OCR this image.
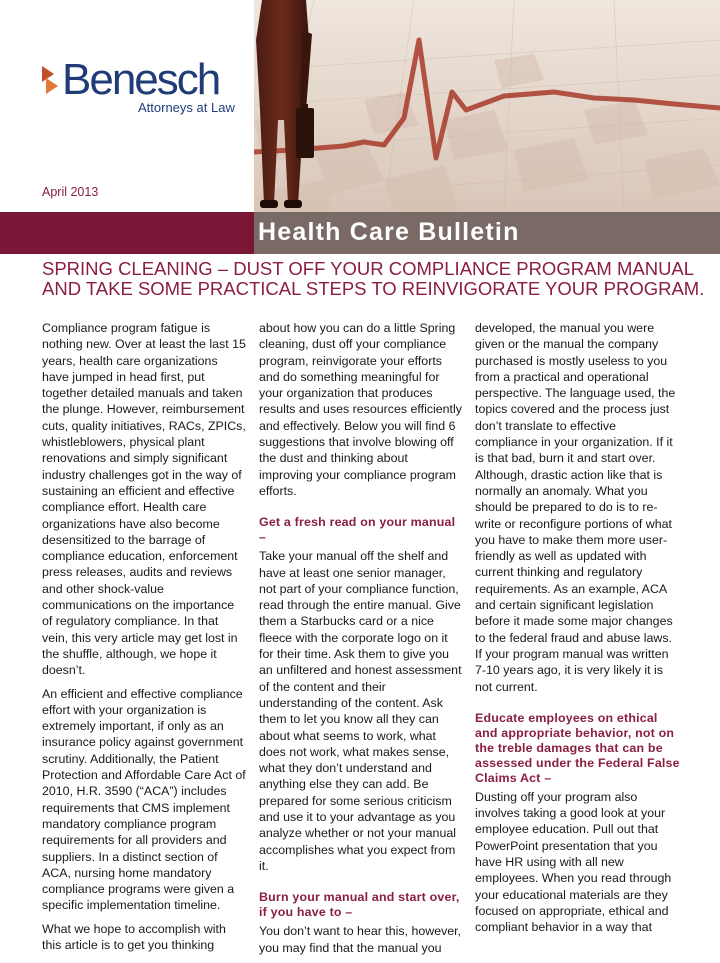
Benesch
Attorneys at Law
April 2013
Health Care Bulletin
SPRING CLEANING – DUST OFF YOUR COMPLIANCE PROGRAM MANUAL AND TAKE SOME PRACTICAL STEPS TO REINVIGORATE YOUR PROGRAM.

Compliance program fatigue is nothing new. Over at least the last 15 years, health care organizations have jumped in head first, put together detailed manuals and taken the plunge. However, reimbursement cuts, quality initiatives, RACs, ZPICs, whistleblowers, physical plant renovations and simply significant industry challenges got in the way of sustaining an efficient and effective compliance effort. Health care organizations have also become desensitized to the barrage of compliance education, enforcement press releases, audits and reviews and other shock-value communications on the importance of regulatory compliance. In that vein, this very article may get lost in the shuffle, although, we hope it doesn’t.

An efficient and effective compliance effort with your organization is extremely important, if only as an insurance policy against government scrutiny. Additionally, the Patient Protection and Affordable Care Act of 2010, H.R. 3590 (“ACA”) includes requirements that CMS implement mandatory compliance program requirements for all providers and suppliers. In a distinct section of ACA, nursing home mandatory compliance programs were given a specific implementation timeline.

What we hope to accomplish with this article is to get you thinking

about how you can do a little Spring cleaning, dust off your compliance program, reinvigorate your efforts and do something meaningful for your organization that produces results and uses resources efficiently and effectively. Below you will find 6 suggestions that involve blowing off the dust and thinking about improving your compliance program efforts.

Get a fresh read on your manual –

Take your manual off the shelf and have at least one senior manager, not part of your compliance function, read through the entire manual. Give them a Starbucks card or a nice fleece with the corporate logo on it for their time. Ask them to give you an unfiltered and honest assessment of the content and their understanding of the content. Ask them to let you know all they can about what seems to work, what does not work, what makes sense, what they don’t understand and anything else they can add. Be prepared for some serious criticism and use it to your advantage as you analyze whether or not your manual accomplishes what you expect from it.

Burn your manual and start over, if you have to –

You don’t want to hear this, however, you may find that the manual you

developed, the manual you were given or the manual the company purchased is mostly useless to you from a practical and operational perspective. The language used, the topics covered and the process just don’t translate to effective compliance in your organization. If it is that bad, burn it and start over. Although, drastic action like that is normally an anomaly. What you should be prepared to do is to re-write or reconfigure portions of what you have to make them more user-friendly as well as updated with current thinking and regulatory requirements. As an example, ACA and certain significant legislation before it made some major changes to the federal fraud and abuse laws. If your program manual was written 7-10 years ago, it is very likely it is not current.

Educate employees on ethical and appropriate behavior, not on the treble damages that can be assessed under the Federal False Claims Act –

Dusting off your program also involves taking a good look at your employee education. Pull out that PowerPoint presentation that you have HR using with all new employees. When you read through your educational materials are they focused on appropriate, ethical and compliant behavior in a way that
